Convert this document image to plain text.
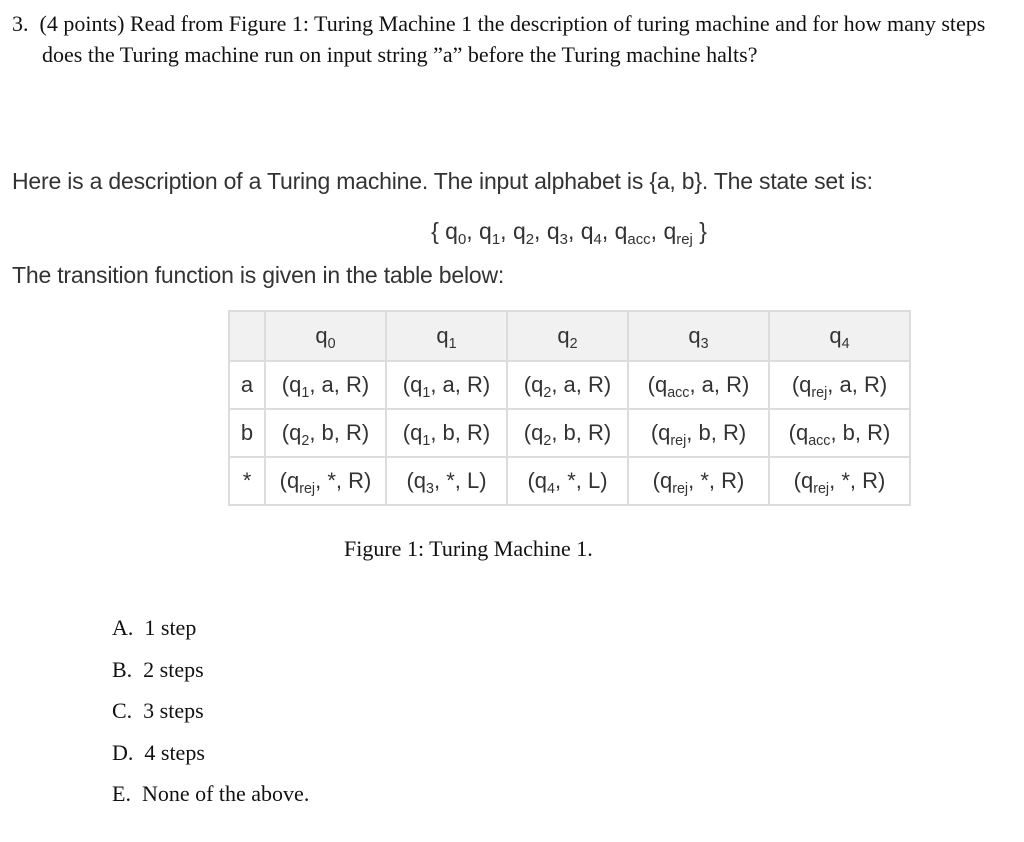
3. (4 points) Read from Figure 1: Turing Machine 1 the description of turing machine and for how many steps does the Turing machine run on input string ”a” before the Turing machine halts?
Here is a description of a Turing machine. The input alphabet is {a, b}. The state set is:
{ $q_0$, $q_1$, $q_2$, $q_3$, $q_4$, $q_{acc}$, $q_{rej}$ }
The transition function is given in the table below:
	$q_0$	$q_1$	$q_2$	$q_3$	$q_4$
a	($q_1$, a, R)	($q_1$, a, R)	($q_2$, a, R)	($q_{acc}$, a, R)	($q_{rej}$, a, R)
b	($q_2$, b, R)	($q_1$, b, R)	($q_2$, b, R)	($q_{rej}$, b, R)	($q_{acc}$, b, R)
*	($q_{rej}$, *, R)	($q_3$, *, L)	($q_4$, *, L)	($q_{rej}$, *, R)	($q_{rej}$, *, R)
Figure 1: Turing Machine 1.
A.  1 step
B.  2 steps
C.  3 steps
D.  4 steps
E.  None of the above.
